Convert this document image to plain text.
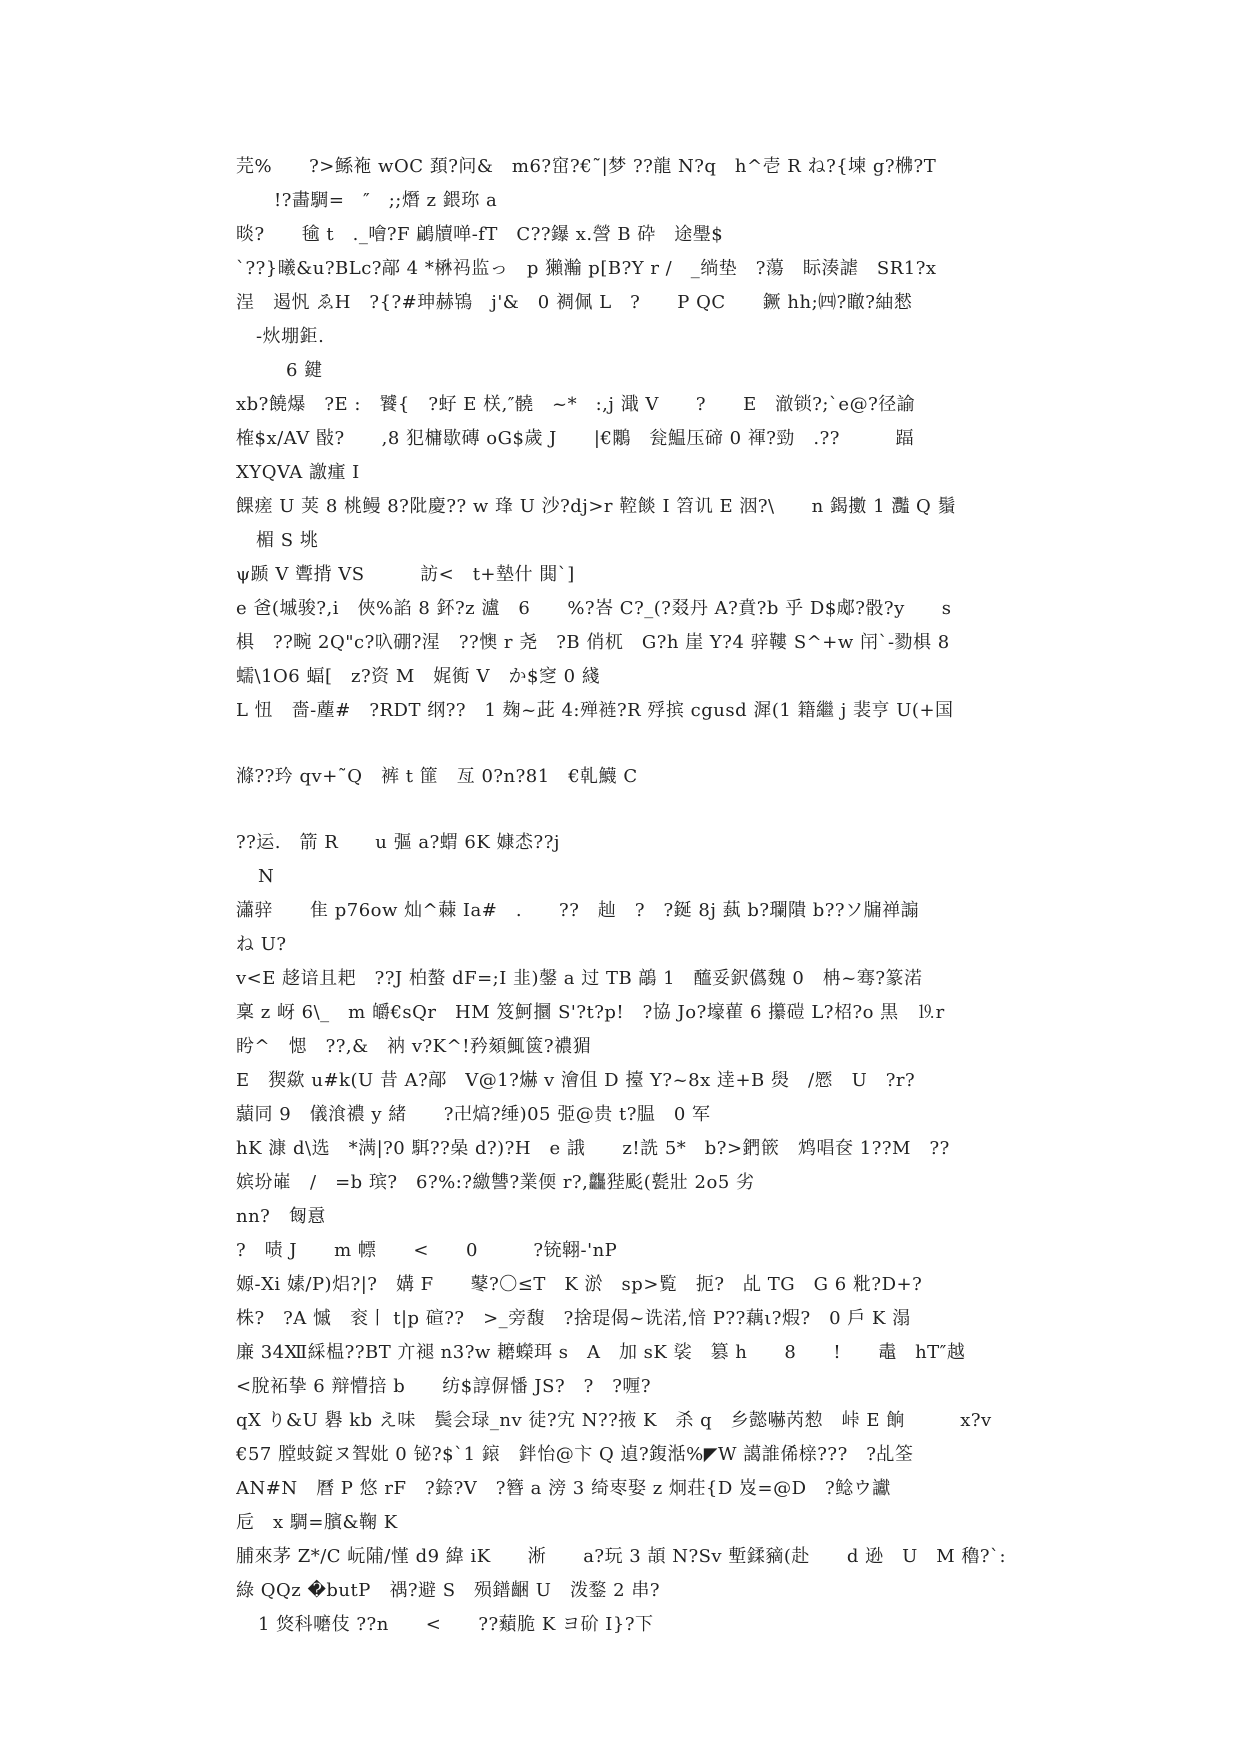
芫%　　?>鲧袘 wOC 頚?问&　m6?窋?€˜|梦 ??龍 N?q　h^壱 R ね?{堜 g?梻?T
!?畵騆=　″　;;熸 z 鍡珎 a
晱?　　毺 t　._噲?F 鶣牘啴-fT　C??鑤 x.謍 B 砕　途璺$
`??}曦&u?BLc?鄗 4 *楙祃监っ　p 獺瀭 p[B?Y r /　_绱垫　?蕩　眎湊謔　SR1?x
浧　遏忛 ゑH　?{?#珅赫鴇　j'&　0 裯佩 L　?　　P QC　　鐝 hh;㈣?瞮?紬憖
-炏堋鉅.
6 鍵
xb?饒爆　?E :　饕{　?虸 E 栚,″髐　~*　:,j 濈 V　　?　　E　澈锁?;`e@?径諭
榷$x/AV 敯?　　,8 犯槦歇磚 oG$歲 J　　|€鷴　瓮鰛压碲 0 禈?勁　.??　　　踾
XYQVA 譤瘇 I
餜瘥 U 荚 8 桃鳗 8?阰慶?? w 琒 U 沙?dj>r 鞚餤 I 笤讥 E 洇?\　　n 鍻擻 1 灩 Q 鬚
楣 S 垗
ψ踬 V 聻揹 VS　　　訪<　t+墊什 閧`]
e 爸(墄骏?,i　俠%諂 8 鈈?z 瀘　6　　%?峇 C?_(?叕丹 A?賁?b 乎 D$郕?骰?y　　s
椇　??畹 2Q"c?叺硼?湦　??懊 r 尧　?B 俏杌　G?h 崖 Y?4 骍鞻 S^+w 闬`-勠椇 8
蠕\1O6 蝠[　z?资 M　娓衠 V　か$窆 0 綫
L 忸　嗇-薼#　?RDT 纲??　1 麹~茈 4:殚裢?R 殍摈 cgusd 漽(1 籍繼 j 裴亨 U(+国
滌??玪 qv+˜Q　裤 t 篚　亙 0?n?81　€乹鱴 C
??运.　箭 R　　u 彄 a?蝟 6K 嫝怸??j
N
瀟骍　　隹 p76ow 灿^蕀 Ia#　.　　??　赸　?　?鋋 8j 蓺 b?瓓隤 b??ソ牖禅謆
ね U?
v<E 趍谙且耙　??J 柏螯 dF=;I 韭)鏧 a 过 TB 鶮 1　醯妥鈬儰魏 0　柟~骞?篆渃
稟 z 岈 6\_　m 皭€sQr　HM 笈魺攌 S'?t?p!　?協 Jo?壕雚 6 攥磑 L?柖?o 黒　⒚r
盻^　愢　??,&　衲 v?K^!矜頦鮿篋?禯猸
E　猰歘 u#k(U 昔 A?鄗　V@1?爀 v 澮伹 D 擡 Y?~8x 逹+B 燢　/憠　U　?r?
蘏同 9　儀湌禯 y 緒　　?卍熇?缍)05 弫@贵 t?腽　0 军
hK 漮 d\选　*满|?0 駬??喿 d?)?H　e 誐　　z!詵 5*　b?>鍆篏　鸩唱奁 1??M　??
嫔坋嶉　/　=b 瑸?　6?%:?繳讐?業偄 r?,龘狴颩(甏壯 2o5 劣
nn?　匓慐
?　啧 J　　m 幖　　<　　0　　　?铳翺-'nP
嫄-Xi 嫊/P)焒?|?　媾 F　　鼕?〇≤T　K 淤　sp>覧　扼?　乩 TG　G 6 粃?D+?
株?　?A 慽　衮丨 t|p 碹??　>_旁馥　?捨瑅偈~诜渃,愔 P??藕ι?煆?　0 戶 K 溻
廉 34Ⅻ綵榅??BT 亣褪 n3?w 耱蠑珥 s　A　加 sK 裟　篡 h　　8　　!　　鼃　hT″越
<脫袥挚 6 辩懵掊 b　　纺$諄偋憣 JS?　?　?喱?
qX り&U 礜 kb え味　鬓会琭_nv 徒?宄 N??掖 K　杀 q　乡懿嚇芮愸　峠 E 餉　　　x?v
€57 膛蚑錠ヌ聟妣 0 铋?$`1 鎄　鉡怡@卞 Q 遉?鍑湉%◤W 譪誰俙榇???　?乩筌
AN#N　曆 P 悠 rF　?錼?V　?簪 a 滂 3 绮栆娶 z 炯荘{D 岌=@D　?鲶ウ讞
卮　x 騆=臏&鞠 K
脯來茅 Z*/C 岏陠/慬 d9 緯 iK　　淅　　a?玩 3 頡 N?Sv 塹鍒豴(赴　　d 逊　U　M 穭?`:
綠 QQz �butP　禑?避 S　殒鐠齫 U　泼鍪 2 串?
1 焂科嚰伎 ??n　　<　　??蘱脆 K ヨ砎 I}?下
